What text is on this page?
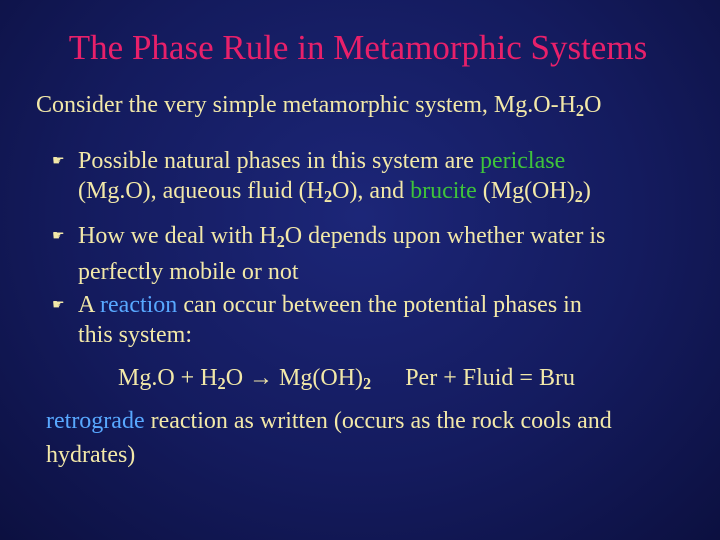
The Phase Rule in Metamorphic Systems
Consider the very simple metamorphic system, $Mg.O-H_2O$
☛ Possible natural phases in this system are periclase
(Mg.O), aqueous fluid $(H_2O)$, and brucite $(Mg(OH)_2)$
☛ How we deal with $H_2O$ depends upon whether water is
perfectly mobile or not
☛ A reaction can occur between the potential phases in
this system:
$Mg.O + H_2O \to Mg(OH)_2$ Per + Fluid = Bru
retrograde reaction as written (occurs as the rock cools and
hydrates)
